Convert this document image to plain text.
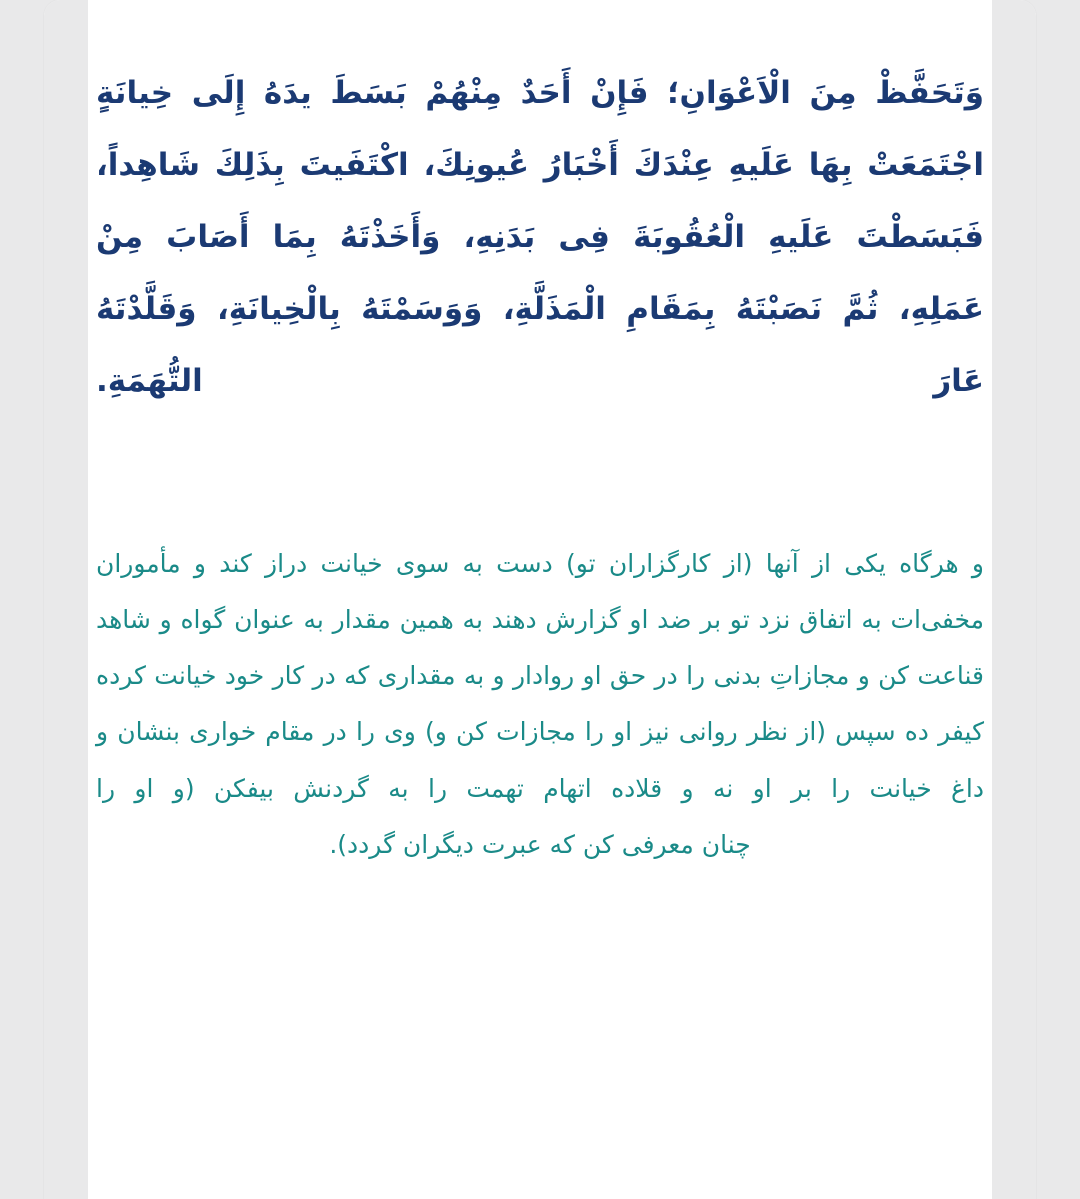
وَتَحَفَّظْ مِنَ الْاَعْوَانِ؛ فَإِنْ أَحَدٌ مِنْهُمْ بَسَطَ يدَهُ إِلَى خِيانَةٍ اجْتَمَعَتْ بِهَا عَلَيهِ عِنْدَكَ أَخْبَارُ عُيونِكَ، اكْتَفَيتَ بِذَلِكَ شَاهِداً، فَبَسَطْتَ عَلَيهِ الْعُقُوبَةَ فِى بَدَنِهِ، وَأَخَذْتَهُ بِمَا أَصَابَ مِنْ عَمَلِهِ، ثُمَّ نَصَبْتَهُ بِمَقَامِ الْمَذَلَّةِ، وَوَسَمْتَهُ بِالْخِيانَةِ، وَقَلَّدْتَهُ عَارَ التُّهَمَةِ.
و هرگاه یکی از آنها (از کارگزاران تو) دست به سوی خیانت دراز کند و مأموران مخفی‌ات به اتفاق نزد تو بر ضد او گزارش دهند به همین مقدار به عنوان گواه و شاهد قناعت کن و مجازاتِ بدنی را در حق او روادار و به مقداری که در کار خود خیانت کرده کیفر ده سپس (از نظر روانی نیز او را مجازات کن و) وی را در مقام خواری بنشان و داغ خیانت را بر او نه و قلاده اتهام تهمت را به گردنش بیفکن (و او را
چنان معرفی کن که عبرت دیگران گردد).
